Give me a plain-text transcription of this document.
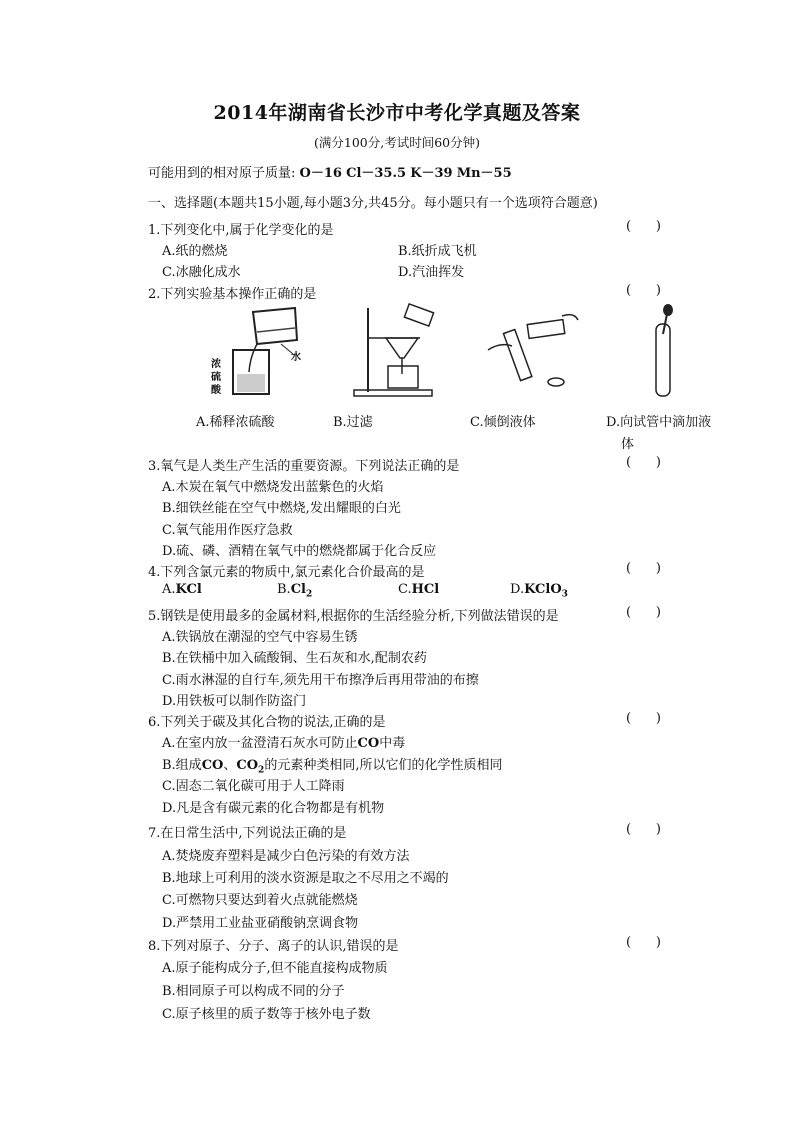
2014年湖南省长沙市中考化学真题及答案
(满分100分,考试时间60分钟)
可能用到的相对原子质量: O－16 Cl－35.5 K－39 Mn－55
一、选择题(本题共15小题,每小题3分,共45分。每小题只有一个选项符合题意)
1.下列变化中,属于化学变化的是	(      )
A.纸的燃烧	B.纸折成飞机
C.冰融化成水	D.汽油挥发
2.下列实验基本操作正确的是	(      )
水
浓硫酸
A.稀释浓硫酸	B.过滤	C.倾倒液体	D.向试管中滴加液
体
3.氧气是人类生产生活的重要资源。下列说法正确的是	(      )
A.木炭在氧气中燃烧发出蓝紫色的火焰
B.细铁丝能在空气中燃烧,发出耀眼的白光
C.氧气能用作医疗急救
D.硫、磷、酒精在氧气中的燃烧都属于化合反应
4.下列含氯元素的物质中,氯元素化合价最高的是	(      )
A.KCl	$B.Cl_2$	C.HCl	D.KClO$_3$
5.钢铁是使用最多的金属材料,根据你的生活经验分析,下列做法错误的是	(      )
A.铁锅放在潮湿的空气中容易生锈
B.在铁桶中加入硫酸铜、生石灰和水,配制农药
C.雨水淋湿的自行车,须先用干布擦净后再用带油的布擦
D.用铁板可以制作防盗门
6.下列关于碳及其化合物的说法,正确的是	(      )
A.在室内放一盆澄清石灰水可防止CO中毒
B.组成CO、$CO_2$的元素种类相同,所以它们的化学性质相同
C.固态二氧化碳可用于人工降雨
D.凡是含有碳元素的化合物都是有机物
7.在日常生活中,下列说法正确的是	(      )
A.焚烧废弃塑料是减少白色污染的有效方法
B.地球上可利用的淡水资源是取之不尽用之不竭的
C.可燃物只要达到着火点就能燃烧
D.严禁用工业盐亚硝酸钠烹调食物
8.下列对原子、分子、离子的认识,错误的是	(      )
A.原子能构成分子,但不能直接构成物质
B.相同原子可以构成不同的分子
C.原子核里的质子数等于核外电子数
